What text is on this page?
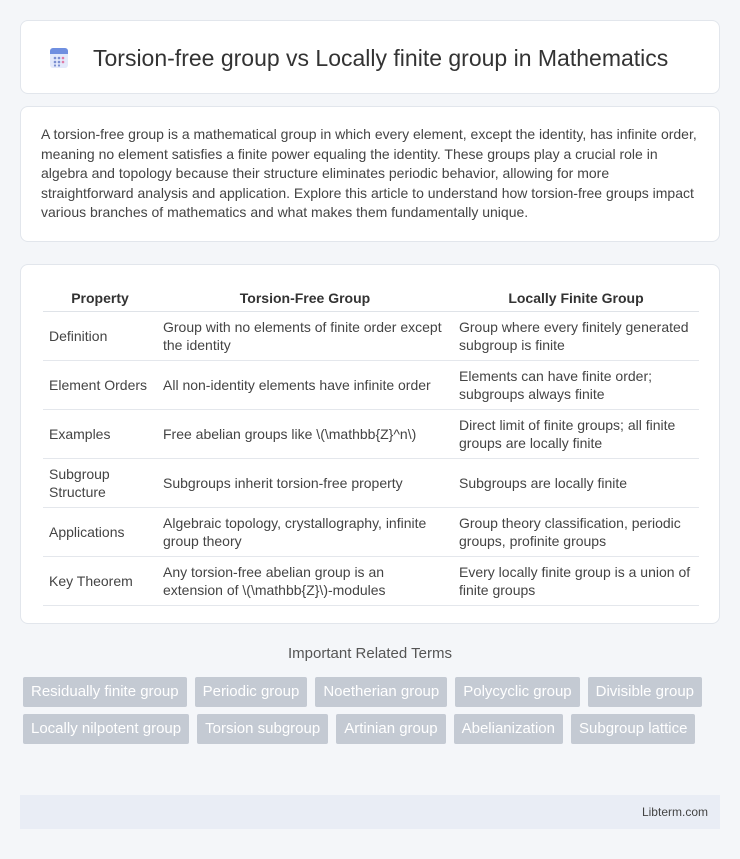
Torsion-free group vs Locally finite group in Mathematics

A torsion-free group is a mathematical group in which every element, except the identity, has infinite order, meaning no element satisfies a finite power equaling the identity. These groups play a crucial role in algebra and topology because their structure eliminates periodic behavior, allowing for more straightforward analysis and application. Explore this article to understand how torsion-free groups impact various branches of mathematics and what makes them fundamentally unique.

Property	Torsion-Free Group	Locally Finite Group
Definition	Group with no elements of finite order except the identity	Group where every finitely generated subgroup is finite
Element Orders	All non-identity elements have infinite order	Elements can have finite order; subgroups always finite
Examples	Free abelian groups like \(\mathbb{Z}^n\)	Direct limit of finite groups; all finite groups are locally finite
Subgroup Structure	Subgroups inherit torsion-free property	Subgroups are locally finite
Applications	Algebraic topology, crystallography, infinite group theory	Group theory classification, periodic groups, profinite groups
Key Theorem	Any torsion-free abelian group is an extension of \(\mathbb{Z}\)-modules	Every locally finite group is a union of finite groups
Important Related Terms
Residually finite group	Periodic group	Noetherian group	Polycyclic group	Divisible group
Locally nilpotent group	Torsion subgroup	Artinian group	Abelianization	Subgroup lattice
Libterm.com
